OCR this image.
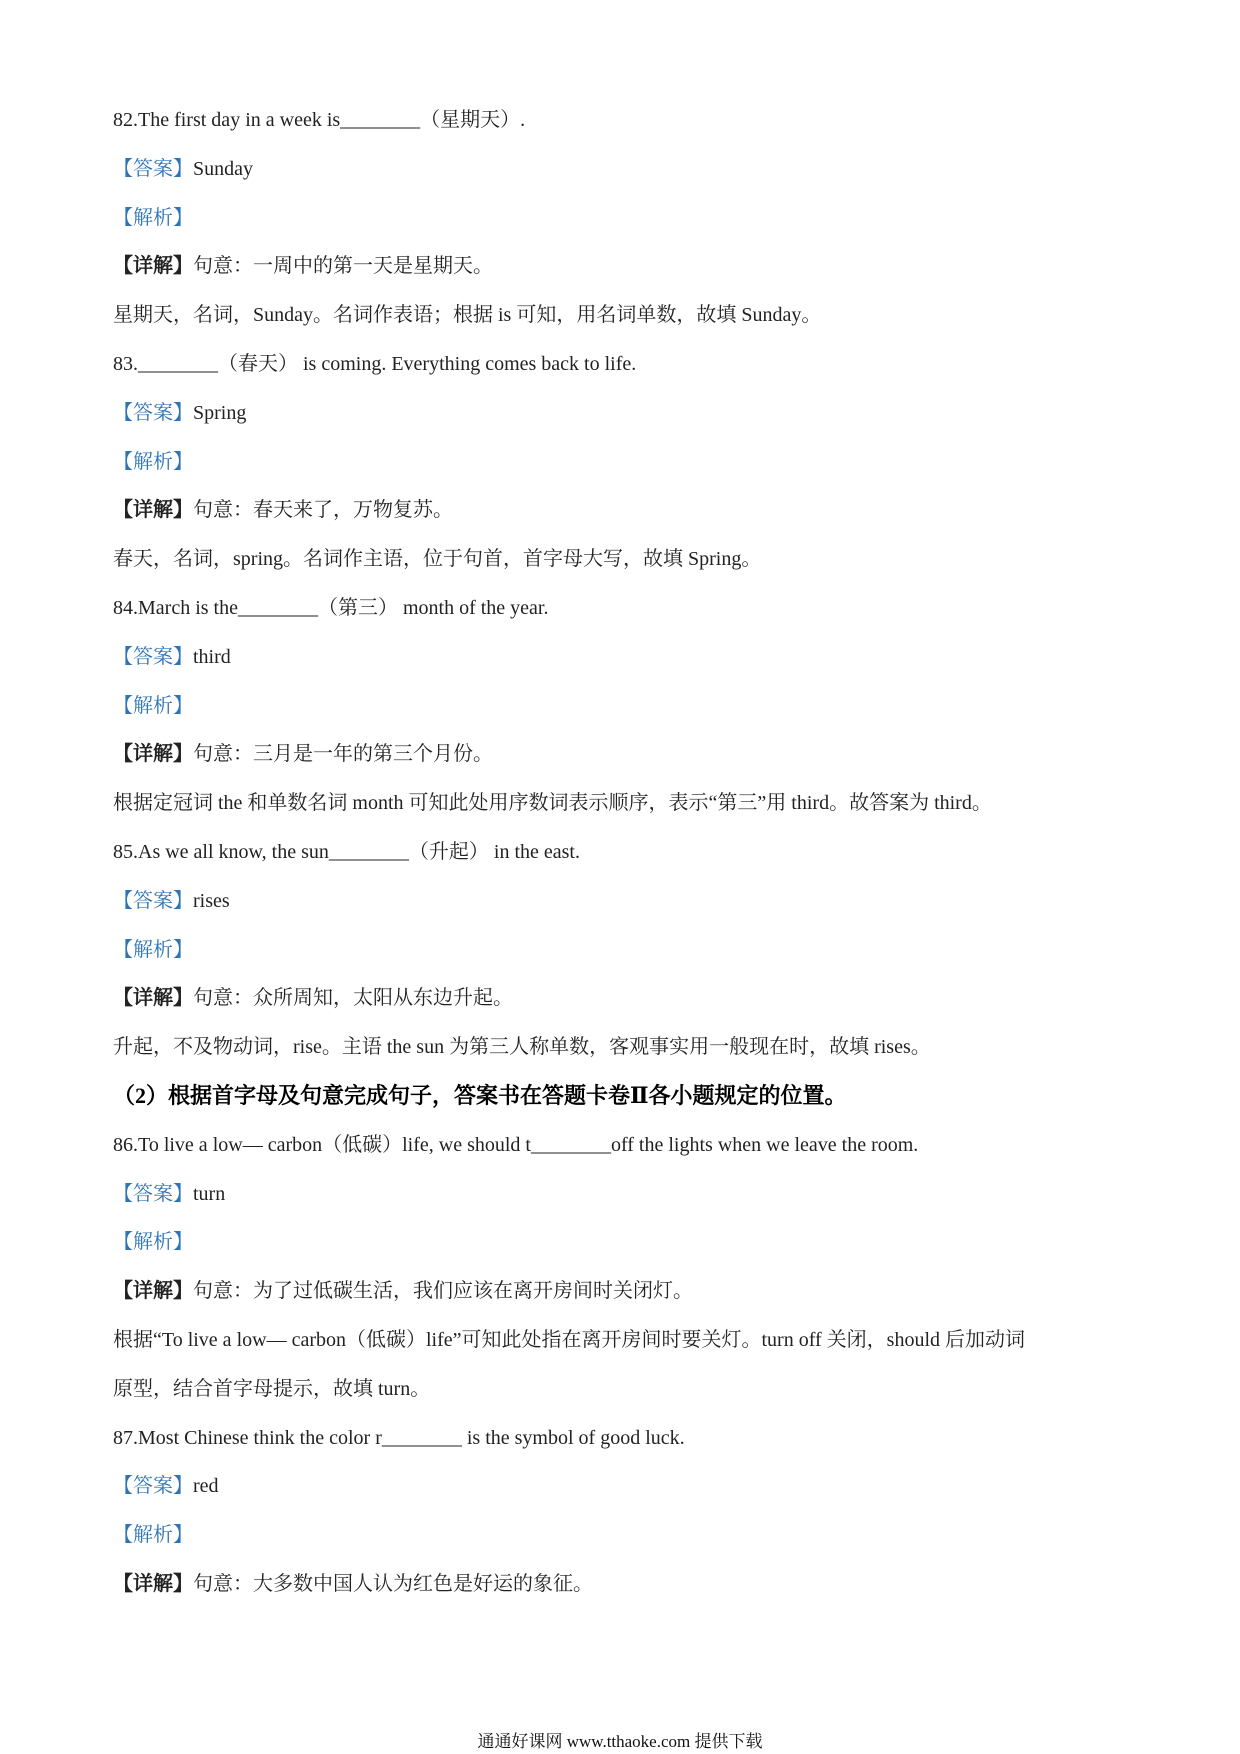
82.The first day in a week is________（星期天）.
【答案】Sunday
【解析】
【详解】句意：一周中的第一天是星期天。
星期天，名词，Sunday。名词作表语；根据 is 可知，用名词单数，故填 Sunday。
83.________（春天） is coming. Everything comes back to life.
【答案】Spring
【解析】
【详解】句意：春天来了，万物复苏。
春天，名词，spring。名词作主语，位于句首，首字母大写，故填 Spring。
84.March is the________（第三） month of the year.
【答案】third
【解析】
【详解】句意：三月是一年的第三个月份。
根据定冠词 the 和单数名词 month 可知此处用序数词表示顺序，表示“第三”用 third。故答案为 third。
85.As we all know, the sun________（升起） in the east.
【答案】rises
【解析】
【详解】句意：众所周知，太阳从东边升起。
升起，不及物动词，rise。主语 the sun 为第三人称单数，客观事实用一般现在时，故填 rises。
（2）根据首字母及句意完成句子，答案书在答题卡卷Ⅱ各小题规定的位置。
86.To live a low— carbon（低碳）life, we should t________off the lights when we leave the room.
【答案】turn
【解析】
【详解】句意：为了过低碳生活，我们应该在离开房间时关闭灯。
根据“To live a low— carbon（低碳）life”可知此处指在离开房间时要关灯。turn off 关闭，should 后加动词
原型，结合首字母提示，故填 turn。
87.Most Chinese think the color r________ is the symbol of good luck.
【答案】red
【解析】
【详解】句意：大多数中国人认为红色是好运的象征。
通通好课网 www.tthaoke.com 提供下载
